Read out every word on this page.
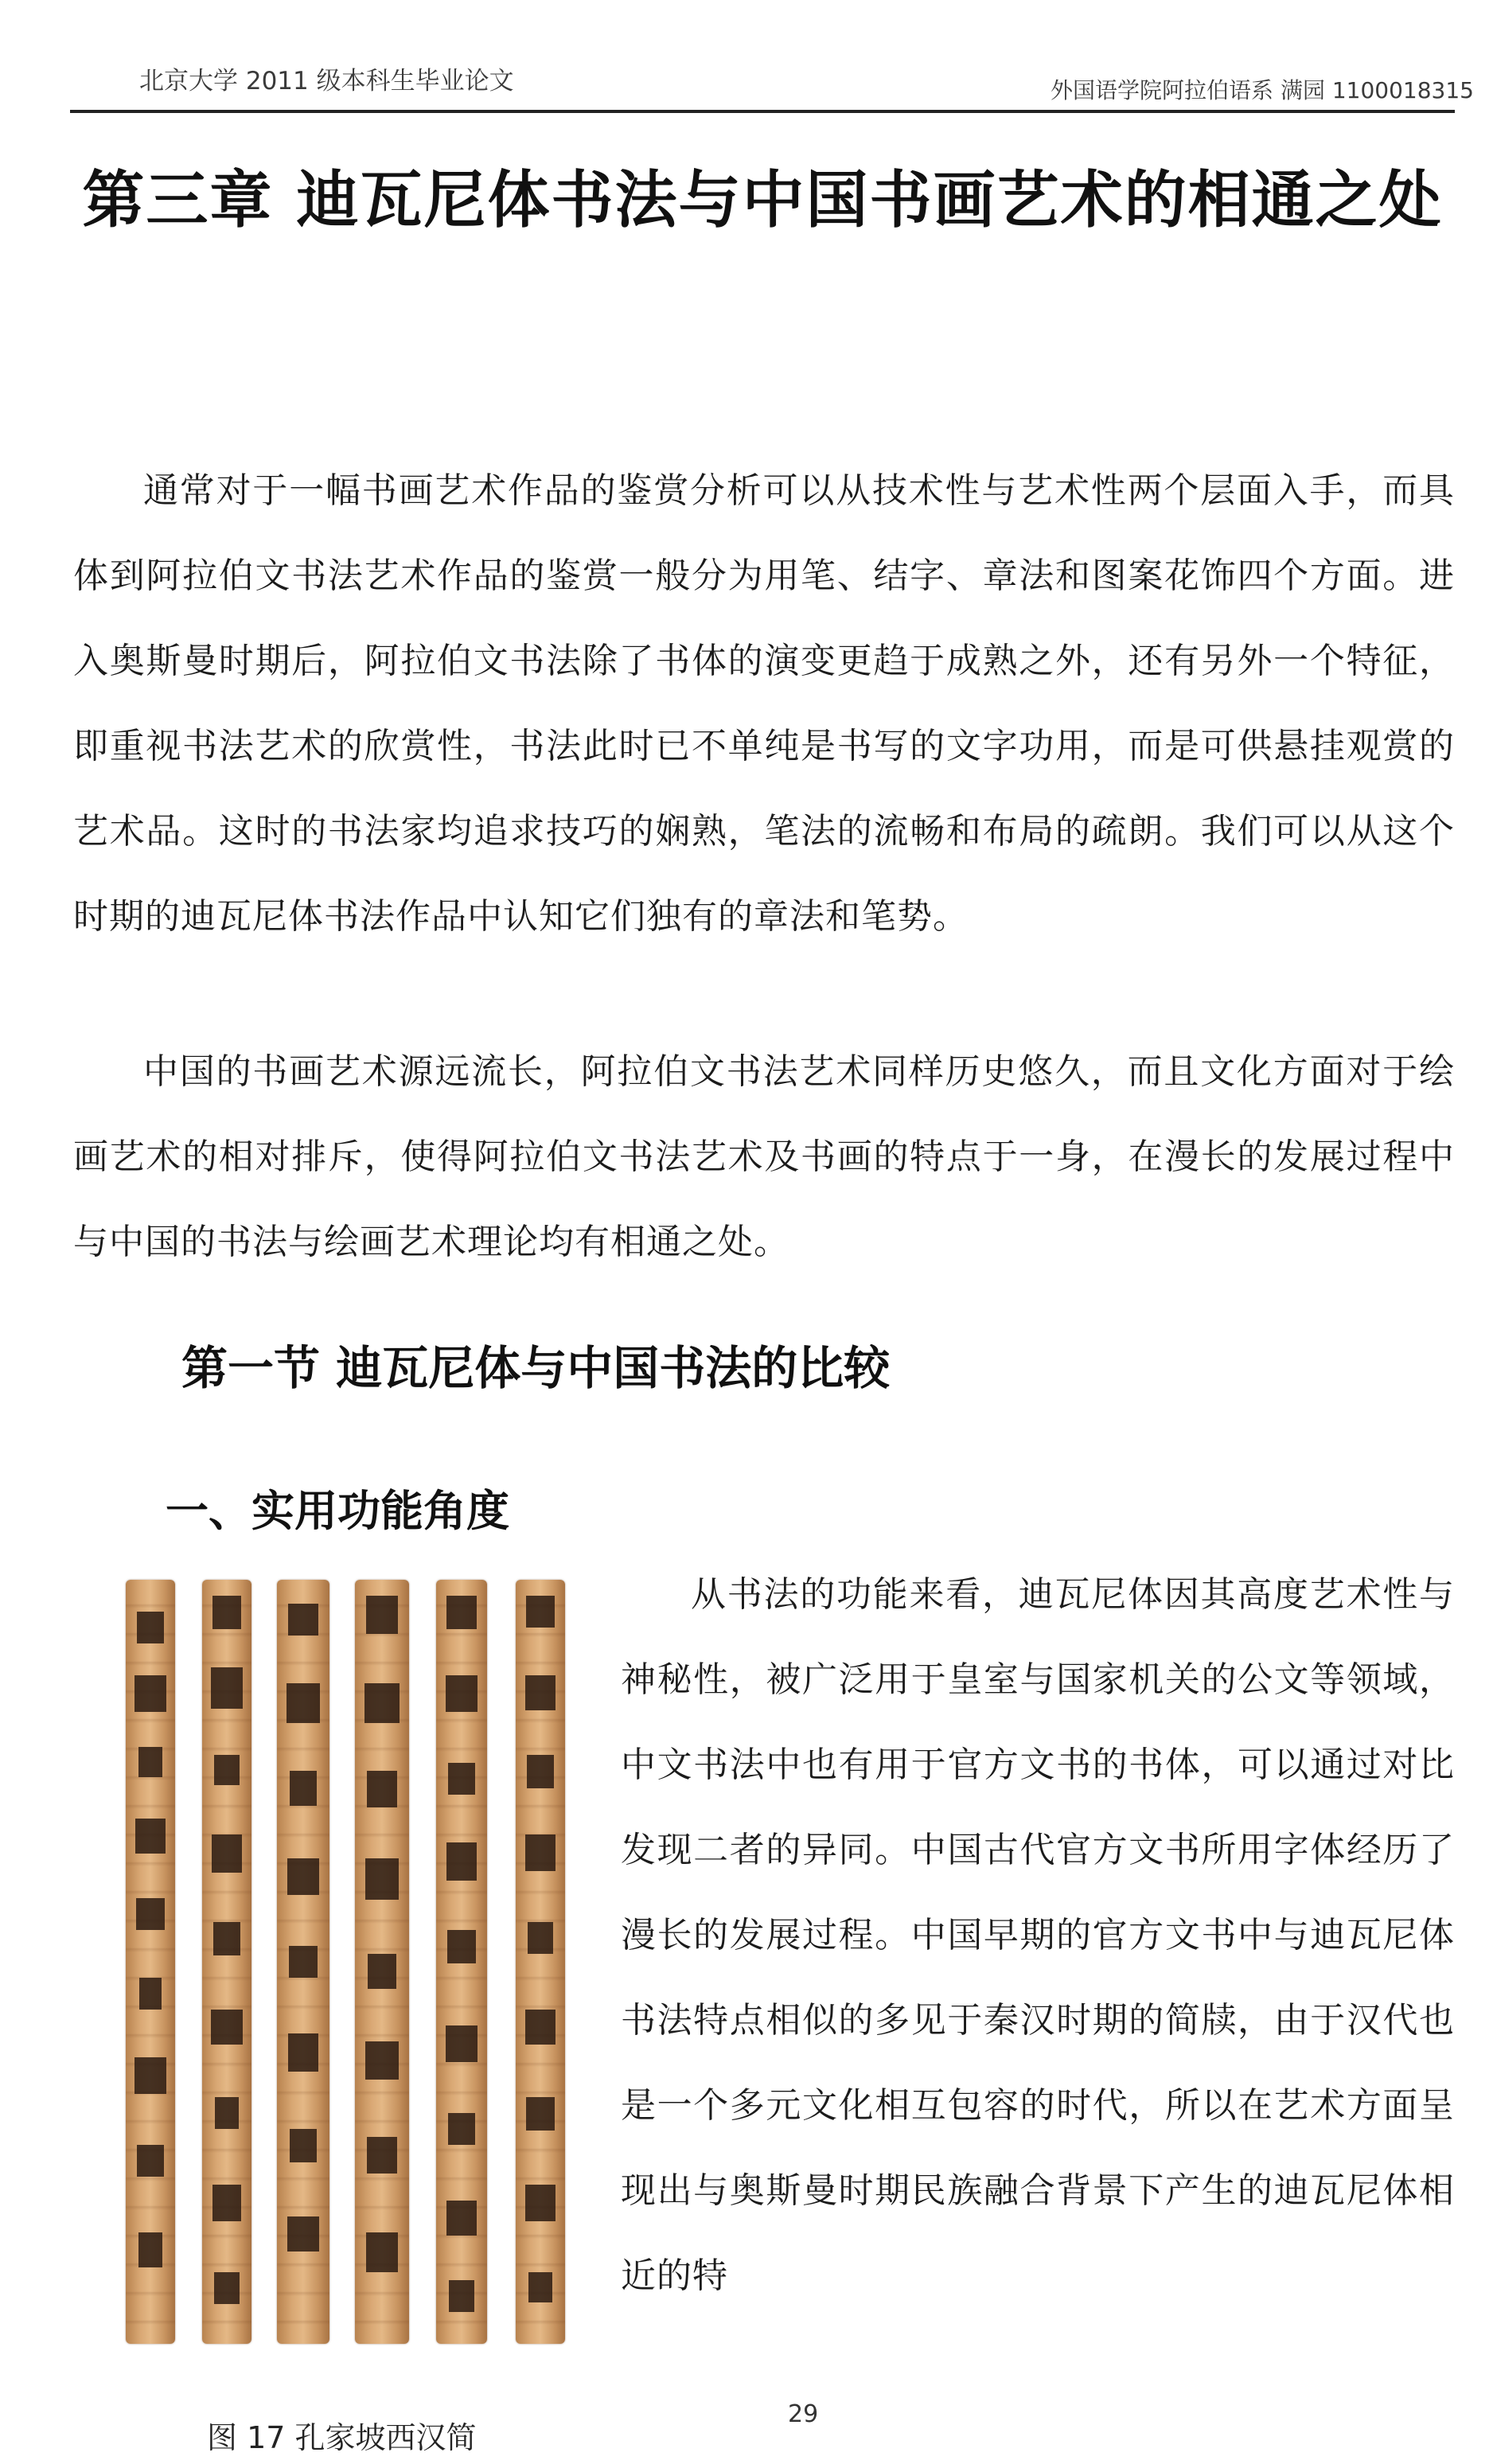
北京大学 2011 级本科生毕业论文	外国语学院阿拉伯语系 满园 1100018315
第三章 迪瓦尼体书法与中国书画艺术的相通之处
通常对于一幅书画艺术作品的鉴赏分析可以从技术性与艺术性两个层面入手，而具体到阿拉伯文书法艺术作品的鉴赏一般分为用笔、结字、章法和图案花饰四个方面。进入奥斯曼时期后，阿拉伯文书法除了书体的演变更趋于成熟之外，还有另外一个特征，即重视书法艺术的欣赏性，书法此时已不单纯是书写的文字功用，而是可供悬挂观赏的艺术品。这时的书法家均追求技巧的娴熟，笔法的流畅和布局的疏朗。我们可以从这个时期的迪瓦尼体书法作品中认知它们独有的章法和笔势。
中国的书画艺术源远流长，阿拉伯文书法艺术同样历史悠久，而且文化方面对于绘画艺术的相对排斥，使得阿拉伯文书法艺术及书画的特点于一身，在漫长的发展过程中与中国的书法与绘画艺术理论均有相通之处。
第一节 迪瓦尼体与中国书法的比较
一、实用功能角度
从书法的功能来看，迪瓦尼体因其高度艺术性与神秘性，被广泛用于皇室与国家机关的公文等领域，中文书法中也有用于官方文书的书体，可以通过对比发现二者的异同。中国古代官方文书所用字体经历了漫长的发展过程。中国早期的官方文书中与迪瓦尼体书法特点相似的多见于秦汉时期的简牍，由于汉代也是一个多元文化相互包容的时代，所以在艺术方面呈现出与奥斯曼时期民族融合背景下产生的迪瓦尼体相近的特
图 17 孔家坡西汉简
29
